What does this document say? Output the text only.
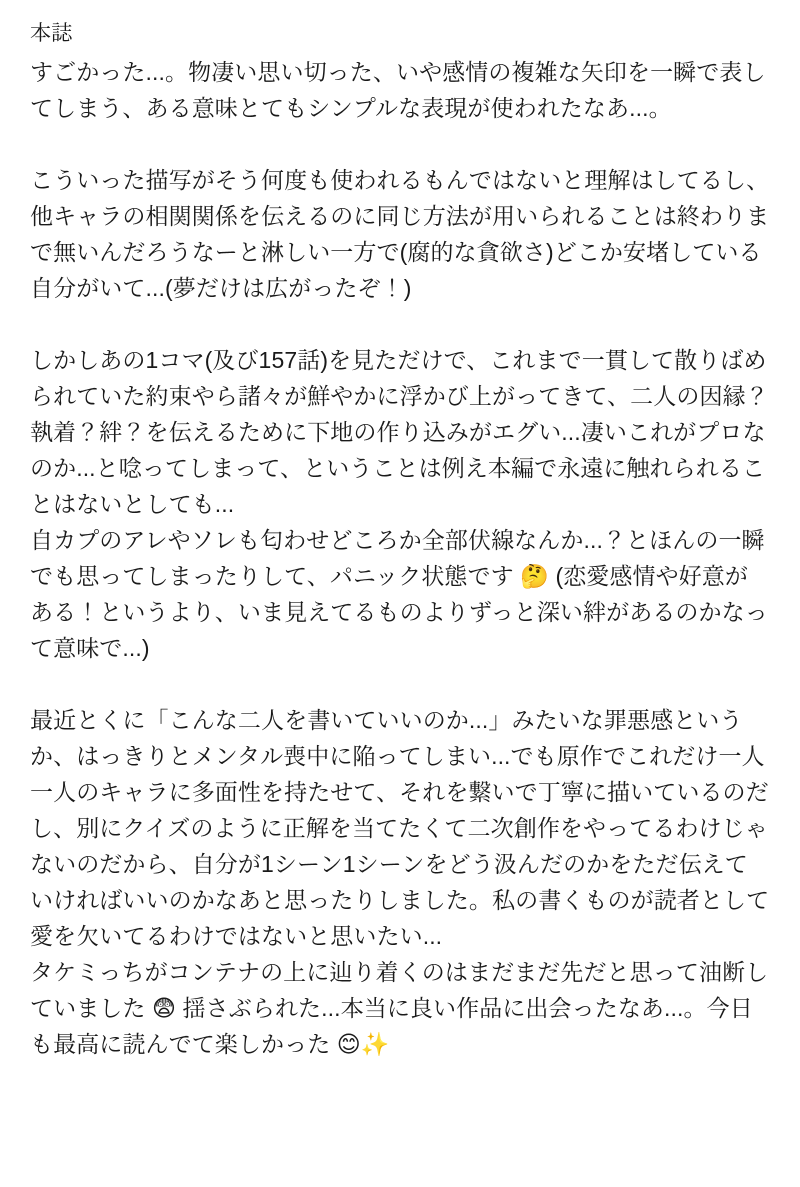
本誌
すごかった...。物凄い思い切った、いや感情の複雑な矢印を一瞬で表してしまう、ある意味とてもシンプルな表現が使われたなあ...。
こういった描写がそう何度も使われるもんではないと理解はしてるし、他キャラの相関関係を伝えるのに同じ方法が用いられることは終わりまで無いんだろうなーと淋しい一方で(腐的な貪欲さ)どこか安堵している自分がいて...(夢だけは広がったぞ！)
しかしあの1コマ(及び157話)を見ただけで、これまで一貫して散りばめられていた約束やら諸々が鮮やかに浮かび上がってきて、二人の因縁？執着？絆？を伝えるために下地の作り込みがエグい...凄いこれがプロなのか...と唸ってしまって、ということは例え本編で永遠に触れられることはないとしても...
自カプのアレやソレも匂わせどころか全部伏線なんか...？とほんの一瞬でも思ってしまったりして、パニック状態です 🤔 (恋愛感情や好意がある！というより、いま見えてるものよりずっと深い絆があるのかなって意味で...)
最近とくに「こんな二人を書いていいのか...」みたいな罪悪感というか、はっきりとメンタル喪中に陥ってしまい...でも原作でこれだけ一人一人のキャラに多面性を持たせて、それを繋いで丁寧に描いているのだし、別にクイズのように正解を当てたくて二次創作をやってるわけじゃないのだから、自分が1シーン1シーンをどう汲んだのかをただ伝えていければいいのかなあと思ったりしました。私の書くものが読者として愛を欠いてるわけではないと思いたい...
タケミっちがコンテナの上に辿り着くのはまだまだ先だと思って油断していました 😨 揺さぶられた...本当に良い作品に出会ったなあ...。今日も最高に読んでて楽しかった 😊✨
